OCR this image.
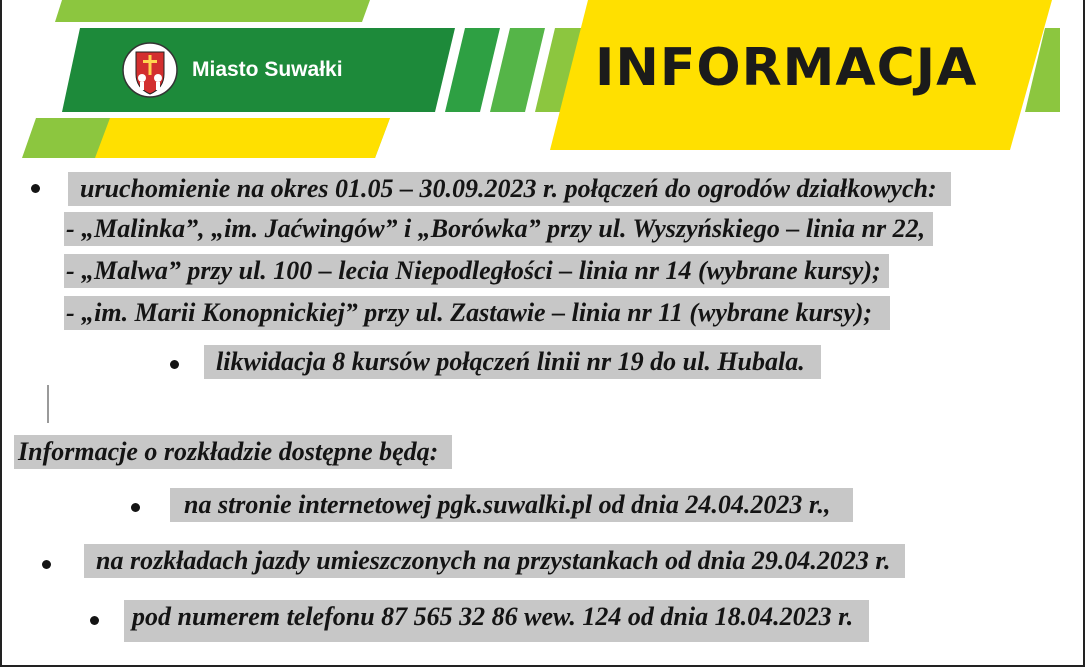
Miasto Suwałki	INFORMACJA
uruchomienie na okres 01.05 – 30.09.2023 r. połączeń do ogrodów działkowych:
- „Malinka”, „im. Jaćwingów” i „Borówka” przy ul. Wyszyńskiego – linia nr 22,
- „Malwa” przy ul. 100 – lecia Niepodległości – linia nr 14 (wybrane kursy);
- „im. Marii Konopnickiej” przy ul. Zastawie – linia nr 11 (wybrane kursy);
likwidacja 8 kursów połączeń linii nr 19 do ul. Hubala.
Informacje o rozkładzie dostępne będą:
na stronie internetowej pgk.suwalki.pl od dnia 24.04.2023 r.,
na rozkładach jazdy umieszczonych na przystankach od dnia 29.04.2023 r.
pod numerem telefonu 87 565 32 86 wew. 124 od dnia 18.04.2023 r.
